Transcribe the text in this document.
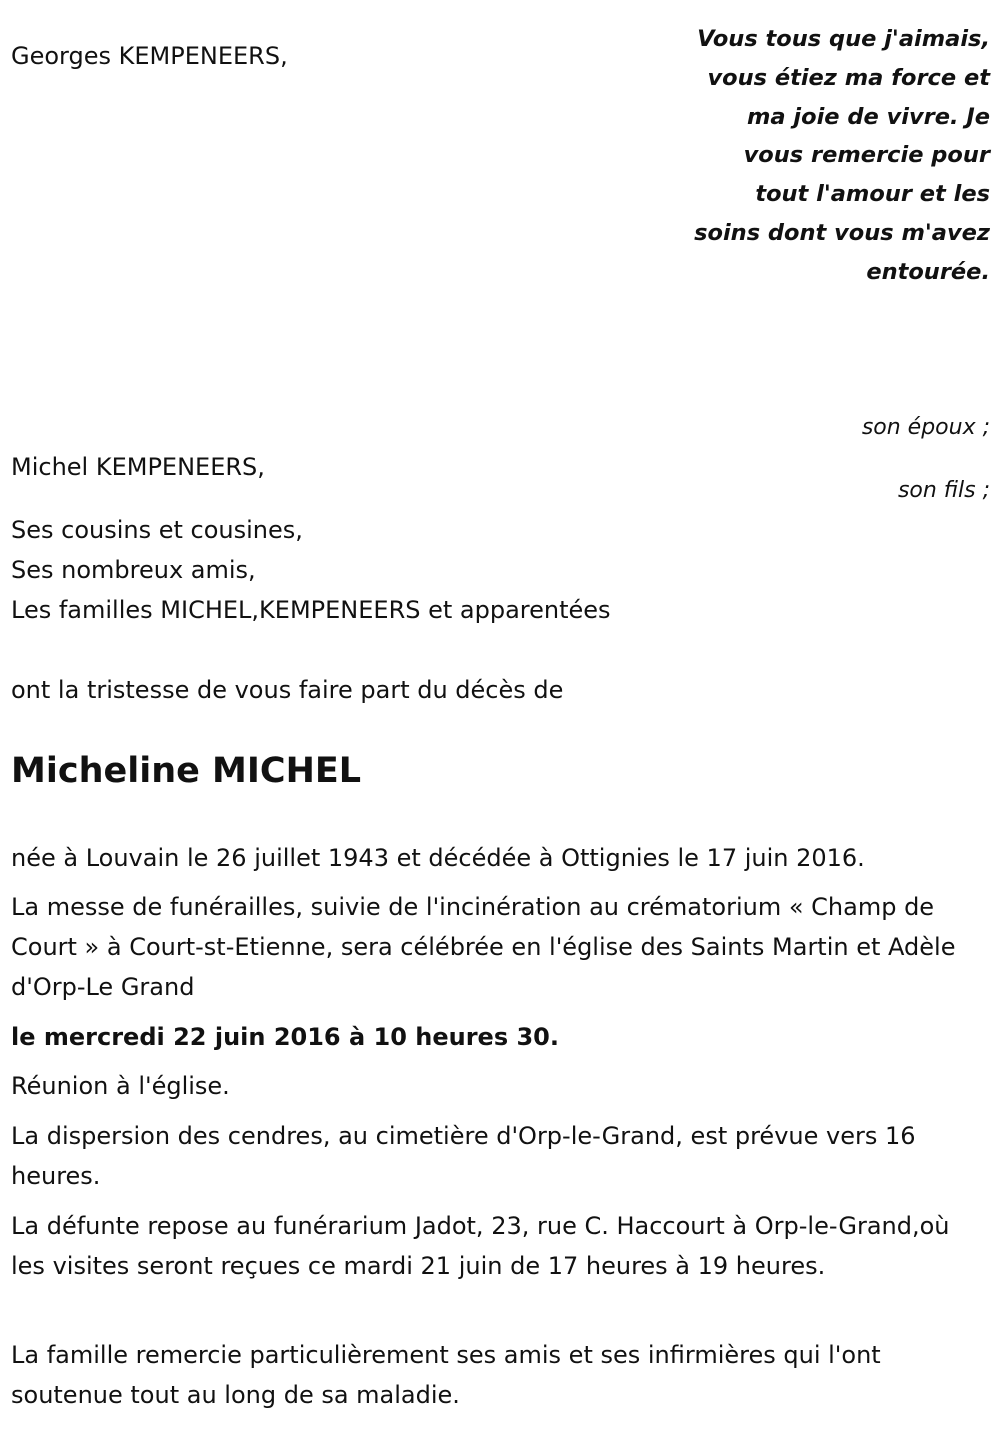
Georges KEMPENEERS,
Vous tous que j'aimais, vous étiez ma force et ma joie de vivre. Je vous remercie pour tout l'amour et les soins dont vous m'avez entourée.
son époux ;
Michel KEMPENEERS,
son fils ;
Ses cousins et cousines,
Ses nombreux amis,
Les familles MICHEL,KEMPENEERS et apparentées
ont la tristesse de vous faire part du décès de
Micheline MICHEL
née à Louvain le 26 juillet 1943 et décédée à Ottignies le 17 juin 2016.
La messe de funérailles, suivie de l'incinération au crématorium « Champ de Court » à Court-st-Etienne, sera célébrée en l'église des Saints Martin et Adèle d'Orp-Le Grand
le mercredi 22 juin 2016 à 10 heures 30.
Réunion à l'église.
La dispersion des cendres, au cimetière d'Orp-le-Grand, est prévue vers 16 heures.
La défunte repose au funérarium Jadot, 23, rue C. Haccourt à Orp-le-Grand,où les visites seront reçues ce mardi 21 juin de 17 heures à 19 heures.
La famille remercie particulièrement ses amis et ses infirmières qui l'ont soutenue tout au long de sa maladie.
